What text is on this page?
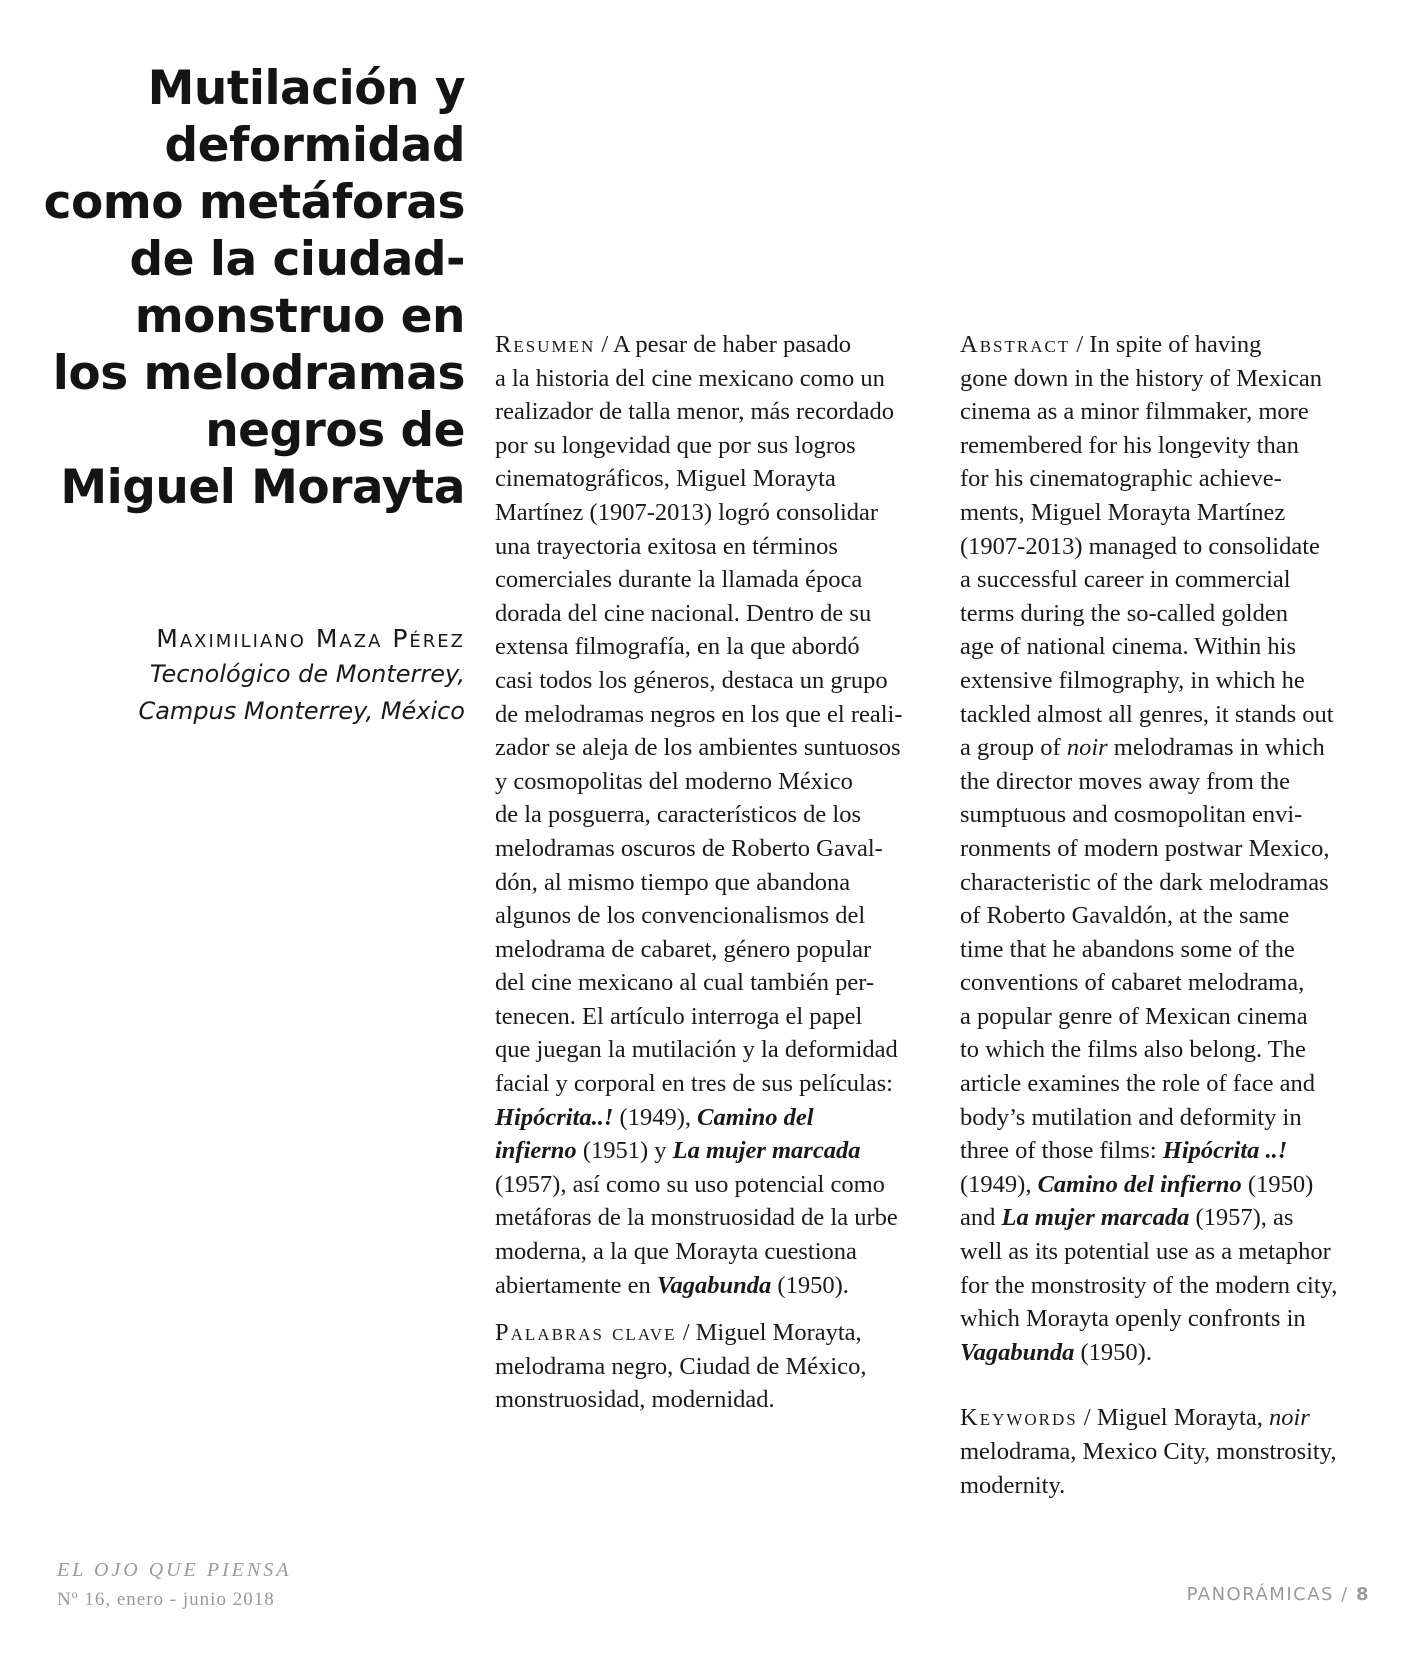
Mutilación y
deformidad
como metáforas
de la ciudad-
monstruo en
los melodramas
negros de
Miguel Morayta
Maximiliano Maza Pérez
Tecnológico de Monterrey,
Campus Monterrey, México
Resumen / A pesar de haber pasado
a la historia del cine mexicano como un
realizador de talla menor, más recordado
por su longevidad que por sus logros
cinematográficos, Miguel Morayta
Martínez (1907-2013) logró consolidar
una trayectoria exitosa en términos
comerciales durante la llamada época
dorada del cine nacional. Dentro de su
extensa filmografía, en la que abordó
casi todos los géneros, destaca un grupo
de melodramas negros en los que el reali-
zador se aleja de los ambientes suntuosos
y cosmopolitas del moderno México
de la posguerra, característicos de los
melodramas oscuros de Roberto Gaval-
dón, al mismo tiempo que abandona
algunos de los convencionalismos del
melodrama de cabaret, género popular
del cine mexicano al cual también per-
tenecen. El artículo interroga el papel
que juegan la mutilación y la deformidad
facial y corporal en tres de sus películas:
Hipócrita..! (1949), Camino del
infierno (1951) y La mujer marcada
(1957), así como su uso potencial como
metáforas de la monstruosidad de la urbe
moderna, a la que Morayta cuestiona
abiertamente en Vagabunda (1950).
Palabras clave / Miguel Morayta,
melodrama negro, Ciudad de México,
monstruosidad, modernidad.
Abstract / In spite of having
gone down in the history of Mexican
cinema as a minor filmmaker, more
remembered for his longevity than
for his cinematographic achieve-
ments, Miguel Morayta Martínez
(1907-2013) managed to consolidate
a successful career in commercial
terms during the so-called golden
age of national cinema. Within his
extensive filmography, in which he
tackled almost all genres, it stands out
a group of noir melodramas in which
the director moves away from the
sumptuous and cosmopolitan envi-
ronments of modern postwar Mexico,
characteristic of the dark melodramas
of Roberto Gavaldón, at the same
time that he abandons some of the
conventions of cabaret melodrama,
a popular genre of Mexican cinema
to which the films also belong. The
article examines the role of face and
body’s mutilation and deformity in
three of those films: Hipócrita ..!
(1949), Camino del infierno (1950)
and La mujer marcada (1957), as
well as its potential use as a metaphor
for the monstrosity of the modern city,
which Morayta openly confronts in
Vagabunda (1950).
Keywords / Miguel Morayta, noir
melodrama, Mexico City, monstrosity,
modernity.
EL OJO QUE PIENSA
Nº 16, enero - junio 2018	PANORÁMICAS / 8
